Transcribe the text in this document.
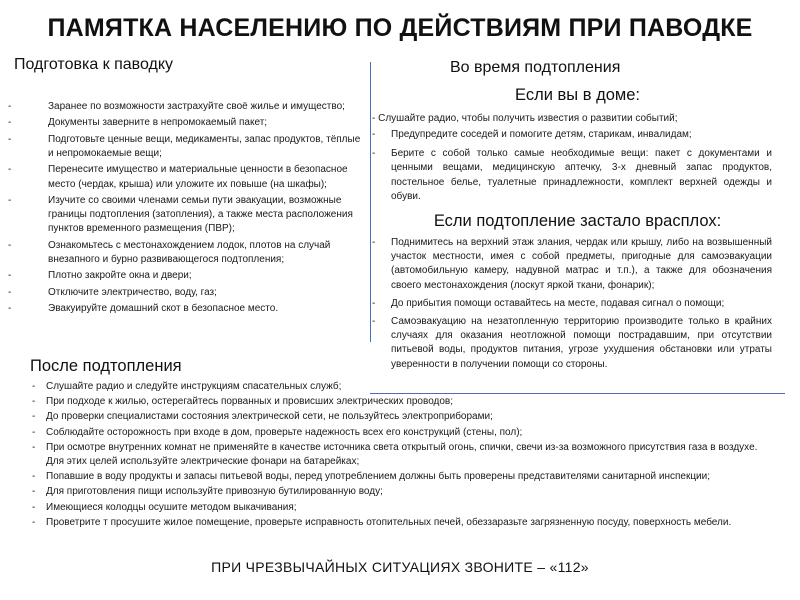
ПАМЯТКА НАСЕЛЕНИЮ ПО ДЕЙСТВИЯМ ПРИ ПАВОДКЕ
Подготовка к паводку
- Заранее по возможности застрахуйте своё жилье и имущество;
- Документы заверните в непромокаемый пакет;
- Подготовьте ценные вещи, медикаменты, запас продуктов, тёплые и непромокаемые вещи;
- Перенесите имущество и материальные ценности в безопасное место (чердак, крыша) или уложите их повыше (на шкафы);
- Изучите со своими членами семьи пути эвакуации, возможные границы подтопления (затопления), а также места расположения пунктов временного размещения (ПВР);
- Ознакомьтесь с местонахождением лодок, плотов на случай внезапного и бурно развивающегося подтопления;
- Плотно закройте окна и двери;
- Отключите электричество, воду, газ;
- Эвакуируйте домашний скот в безопасное место.
Во время подтопления
Если вы в доме:
- Слушайте радио, чтобы получить известия о развитии событий;
- Предупредите соседей и помогите детям, старикам, инвалидам;
- Берите с собой только самые необходимые вещи: пакет с документами и ценными вещами, медицинскую аптечку, 3-х дневный запас продуктов, постельное белье, туалетные принадлежности, комплект верхней одежды и обуви.
Если подтопление застало врасплох:
- Поднимитесь на верхний этаж злания, чердак или крышу, либо на возвышенный участок местности, имея с собой предметы, пригодные для самоэвакуации (автомобильную камеру, надувной матрас и т.п.), а также для обозначения своего местонахождения (лоскут яркой ткани, фонарик);
- До прибытия помощи оставайтесь на месте, подавая сигнал о помощи;
- Самоэвакуацию на незатопленную территорию производите только в крайних случаях для оказания неотложной помощи пострадавшим, при отсутствии питьевой воды, продуктов питания, угрозе ухудшения обстановки или утраты уверенности в получении помощи со стороны.
После подтопления
- Слушайте радио и следуйте инструкциям спасательных служб;
- При подходе к жилью, остерегайтесь порванных и провисших электрических проводов;
- До проверки специалистами состояния электрической сети, не пользуйтесь электроприборами;
- Соблюдайте осторожность при входе в дом, проверьте надежность всех его конструкций (стены, пол);
- При осмотре внутренних комнат не применяйте в качестве источника света открытый огонь, спички, свечи из-за возможного присутствия газа в воздухе. Для этих целей используйте электрические фонари на батарейках;
- Попавшие в воду продукты и запасы питьевой воды, перед употреблением должны быть проверены представителями санитарной инспекции;
- Для приготовления пищи используйте привозную бутилированную воду;
- Имеющиеся колодцы осушите методом выкачивания;
- Проветрите т просушите жилое помещение, проверьте исправность отопительных печей, обеззаразьте загрязненную посуду, поверхность мебели.
ПРИ ЧРЕЗВЫЧАЙНЫХ СИТУАЦИЯХ ЗВОНИТЕ – «112»
